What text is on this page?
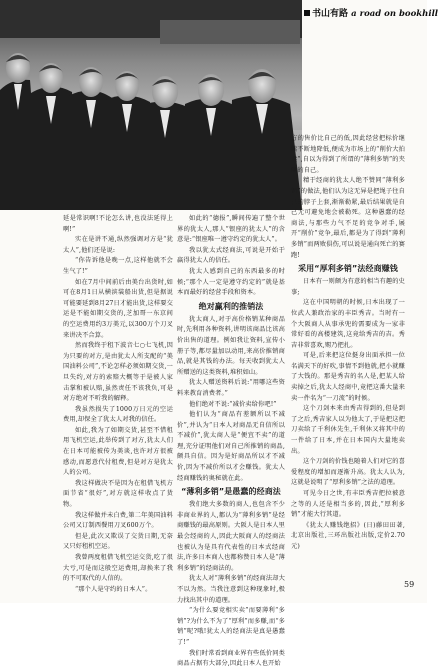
书山有路 a road on bookhill

延是常识啊!不论怎么讲,也没法延得上啊!”

实在是讲不通,纵然强调对方是“犹太人”,他们还是说:

“你告诉他是晚一点,这样他就不会生气了!”

如在7月中间前后由美台出货时,如可在8月1日从横滨装船出货,但是据说可能要延到8月27日才能出货,这样要交运是不能如期交货的,芝加哥一东京间的空运费用约3万美元,以300万个刀叉来讲决不合算。

然而我终于租下波音七○七飞机,因为只要的对方,是由犹太人所支配的“美国油料公司”,不论怎样必须如期交货,一旦失约,对方的索赔大概等于是被人家击掌和被认赔,虽然责任不该我负,可是对方绝对不听我的解释。

我虽然损失了1000万日元的空运费用,却保全了犹太人对我的信任。

如此,我为了如期交货,甚至不惜租用飞机空运,此举传到了对方,犹太人们在日本可能被传为美谈,也许对方很被感动,而愿意代付租费,但是对方是犹太人的公司。

我这样做决不是因为在租借飞机方面节省“很好”,对方就这样收点了货物。

我这样做并未白费,第二年美国油料公司又订制西餐用刀叉600万个。

但是,此次又欺误了交货日期,无奈又只好租机空运。

我曾两度租借飞机空运交货,吃了很大亏,可是而这般空运费用,却换来了我的不可取代的人信的。

“那个人是守约的日本人”。

如此的“德报”,瞬间传遍了整个世界的犹太人,那人“银座的犹太人”的含意是:“银座唯一遵守约定的犹太人”。

我以犹太式经商法,可说是开始于赢得犹太人的信任。

犹太人感到自己的东西最多的时候;“那个人一定是遵守约定的”就是基本而最好的经营手段和资本。

绝对赢利的推销法

犹太商人,对于高价格销某种商品时,先利用各种资料,讲明该商品比该高价出售的道理。例如我让资料,宣传小册子等,都尽量加以动用,来高价推销商品,就是其钱的办法。每天收到犹太人所赠送的这类资料,堆积如山。

犹太人赠送资料后说:“用哪这些资料来教育消费者。”

他们绝对不说:“减价卖给你吧!”

他们认为“商品有差额所以不减价”,并认为“日本人对商品无自信所以不减价”,犹太商人是“便宜不卖”的道理,充分证明他们对自己所推销的商品,颇具自信。因为是好商品所以才不减价,因为不减价所以才会赚钱。犹太人经商赚钱的奥秘就在此。

“薄利多销”是愚蠢的经商法

我们绝大多数的商人,也包含不少非商业界的人,都认为“薄利多销”是经商赚钱的最高原则。大阪人是日本人里最会经商的人,因此大阪商人的经商法也被认为是具有代表性的日本式经商法,许多日本商人也都称赞日本人是“薄利多销”的经商法的。

犹太人对“薄利多销”的经商法却大不以为然。当我注意到这种现象时,极力找出其中的道理。

“为什么要竞相实卖”而要薄利“多销”?为什么不为了“厚利”而多赚,而“多销”呢?哦!犹太人的经商法是真是愚蠢了!”

我们时常看到商业界有些低价同类商品占据有大部分,因此日本人也开始

方的售价比自己的低,因此经营把标价继续不断地降低,便成为市场上的“削价大拍卖”,自以为得到了所谓的“薄利多销”的夹喇的自己。

精于经商的犹太人绝不赞同“薄利多销”的做法,他们认为这无异是把绳子往自己的脖子上套,渐渐勒紧,最后结果就是自己无可避免地会被勒死。这种愚蠢的经商法,与那些力气不足的竞争对手,展开“削价”竞争,最后,都是为了得到“薄利多销”而两败俱伤,可以说是通向死亡的赛跑!

采用“厚利多销”法经商赚钱

日本有一则颇为有意的相当有趣的史事;

这在中国明朝的时候,日本出现了一位武人兼政治家的丰臣秀吉。当时有一个大阪商人从事承兜的需要成为一家非常好看的高楼建筑,这竟给秀吉的吉。秀吉非常喜欢,赐乃把扎。

可是,后来把这位挺身出面承担一位名满天下的好吹,事情不到他就,把小就赚了大钱的。那是秀吉的名人是,把某人给卖掉之后,犹太人经商中,竟把这番大量来卖一件名为“一刀流”的时候。

这个刀剑本来由秀吉得到的,但是到了之后,秀吉家人以为他太了,于是把这把刀卖给了千利休先生,千利休又将其中的一件给了日本,并在日本国内大量地卖出。

这个刀剑的价钱也随着人们对它的喜爱程度的增加而逐渐升高。犹太人认为,这就是说明了“厚利多销”之法的道理。

可见今日之世,有丰臣秀吉把拉被意之等的人还是相当多的,因此,“厚利多销”才能大行其道。

《犹太人赚钱绝招》(日)藤田田著,北京出版社,三环出版社出版,定价2.70元)

59
